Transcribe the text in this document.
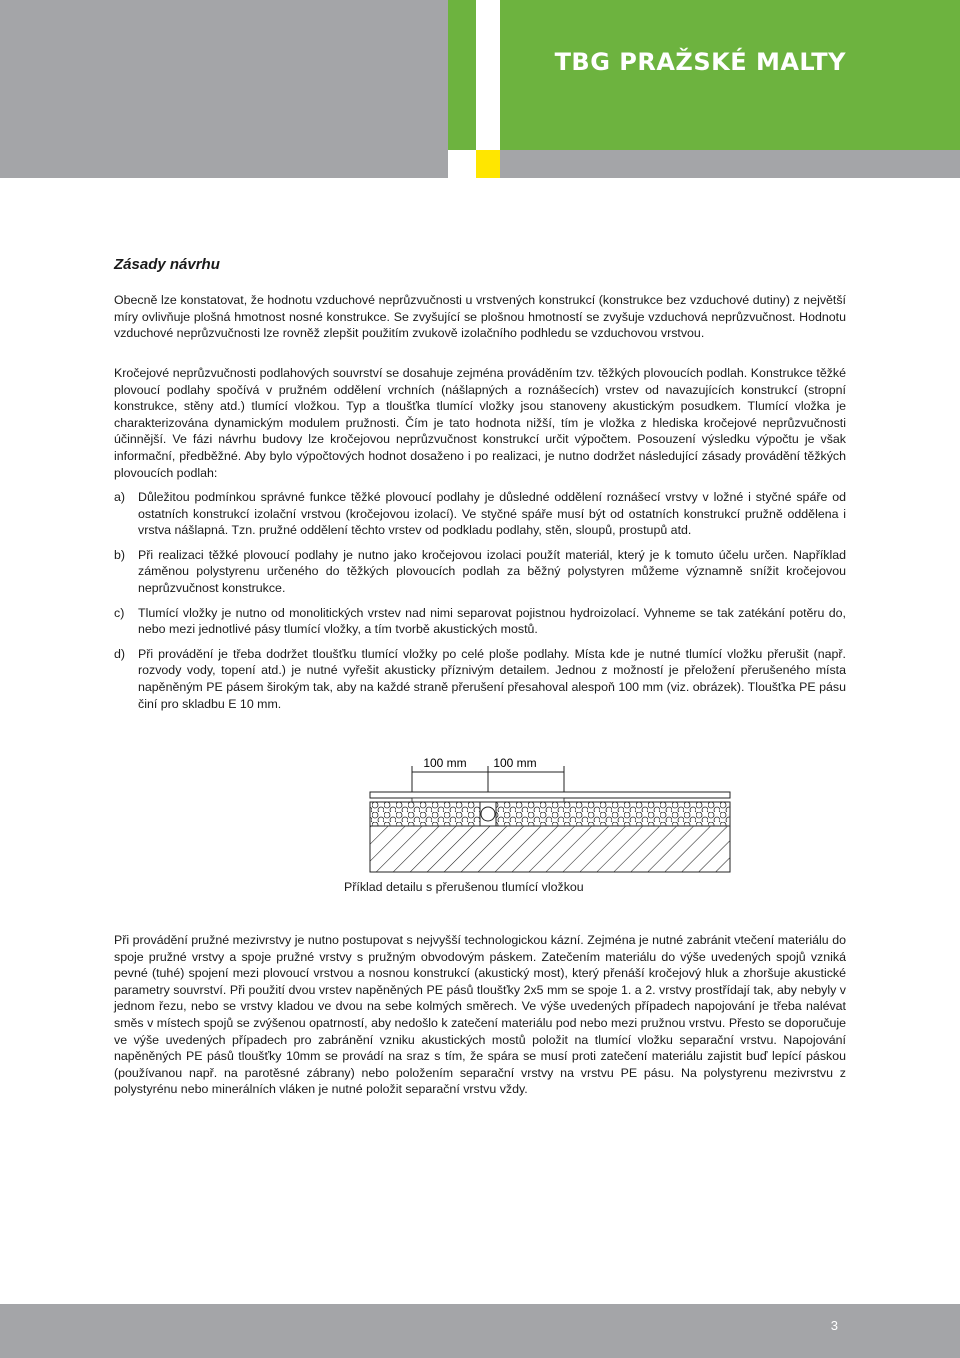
TBG PRAŽSKÉ MALTY
Zásady návrhu

Obecně lze konstatovat, že hodnotu vzduchové neprůzvučnosti u vrstvených konstrukcí (konstrukce bez vzduchové dutiny) z největší míry ovlivňuje plošná hmotnost nosné konstrukce. Se zvyšující se plošnou hmotností se zvyšuje vzduchová neprůzvučnost. Hodnotu vzduchové neprůzvučnosti lze rovněž zlepšit použitím zvukově izolačního podhledu se vzduchovou vrstvou.

Kročejové neprůzvučnosti podlahových souvrství se dosahuje zejména prováděním tzv. těžkých plovoucích podlah. Konstrukce těžké plovoucí podlahy spočívá v pružném oddělení vrchních (nášlapných a roznášecích) vrstev od navazujících konstrukcí (stropní konstrukce, stěny atd.) tlumící vložkou. Typ a tloušťka tlumící vložky jsou stanoveny akustickým posudkem. Tlumící vložka je charakterizována dynamickým modulem pružnosti. Čím je tato hodnota nižší, tím je vložka z hlediska kročejové neprůzvučnosti účinnější. Ve fázi návrhu budovy lze kročejovou neprůzvučnost konstrukcí určit výpočtem. Posouzení výsledku výpočtu je však informační, předběžné. Aby bylo výpočtových hodnot dosaženo i po realizaci, je nutno dodržet následující zásady provádění těžkých plovoucích podlah:

a)	Důležitou podmínkou správné funkce těžké plovoucí podlahy je důsledné oddělení roznášecí vrstvy v ložné i styčné spáře od ostatních konstrukcí izolační vrstvou (kročejovou izolací). Ve styčné spáře musí být od ostatních konstrukcí pružně oddělena i vrstva nášlapná. Tzn. pružné oddělení těchto vrstev od podkladu podlahy, stěn, sloupů, prostupů atd.
b)	Při realizaci těžké plovoucí podlahy je nutno jako kročejovou izolaci použít materiál, který je k tomuto účelu určen. Například záměnou polystyrenu určeného do těžkých plovoucích podlah za běžný polystyren můžeme významně snížit kročejovou neprůzvučnost konstrukce.
c)	Tlumící vložky je nutno od monolitických vrstev nad nimi separovat pojistnou hydroizolací. Vyhneme se tak zatékání potěru do, nebo mezi jednotlivé pásy tlumící vložky, a tím tvorbě akustických mostů.
d)	Při provádění je třeba dodržet tloušťku tlumící vložky po celé ploše podlahy. Místa kde je nutné tlumící vložku přerušit (např. rozvody vody, topení atd.) je nutné vyřešit akusticky příznivým detailem. Jednou z možností je přeložení přerušeného místa napěněným PE pásem širokým tak, aby na každé straně přerušení přesahoval alespoň 100 mm (viz. obrázek). Tloušťka PE pásu činí pro skladbu E 10 mm.
100 mm 100 mm
Příklad detailu s přerušenou tlumící vložkou

Při provádění pružné mezivrstvy je nutno postupovat s nejvyšší technologickou kázní. Zejména je nutné zabránit vtečení materiálu do spoje pružné vrstvy a spoje pružné vrstvy s pružným obvodovým páskem. Zatečením materiálu do výše uvedených spojů vzniká pevné (tuhé) spojení mezi plovoucí vrstvou a nosnou konstrukcí (akustický most), který přenáší kročejový hluk a zhoršuje akustické parametry souvrství. Při použití dvou vrstev napěněných PE pásů tloušťky 2x5 mm se spoje 1. a 2. vrstvy prostřídají tak, aby nebyly v jednom řezu, nebo se vrstvy kladou ve dvou na sebe kolmých směrech. Ve výše uvedených případech napojování je třeba nalévat směs v místech spojů se zvýšenou opatrností, aby nedošlo k zatečení materiálu pod nebo mezi pružnou vrstvu. Přesto se doporučuje ve výše uvedených případech pro zabránění vzniku akustických mostů položit na tlumící vložku separační vrstvu. Napojování napěněných PE pásů tloušťky 10mm se provádí na sraz s tím, že spára se musí proti zatečení materiálu zajistit buď lepící páskou (používanou např. na parotěsné zábrany) nebo položením separační vrstvy na vrstvu PE pásu. Na polystyrenu mezivrstvu z polystyrénu nebo minerálních vláken je nutné položit separační vrstvu vždy.

3
